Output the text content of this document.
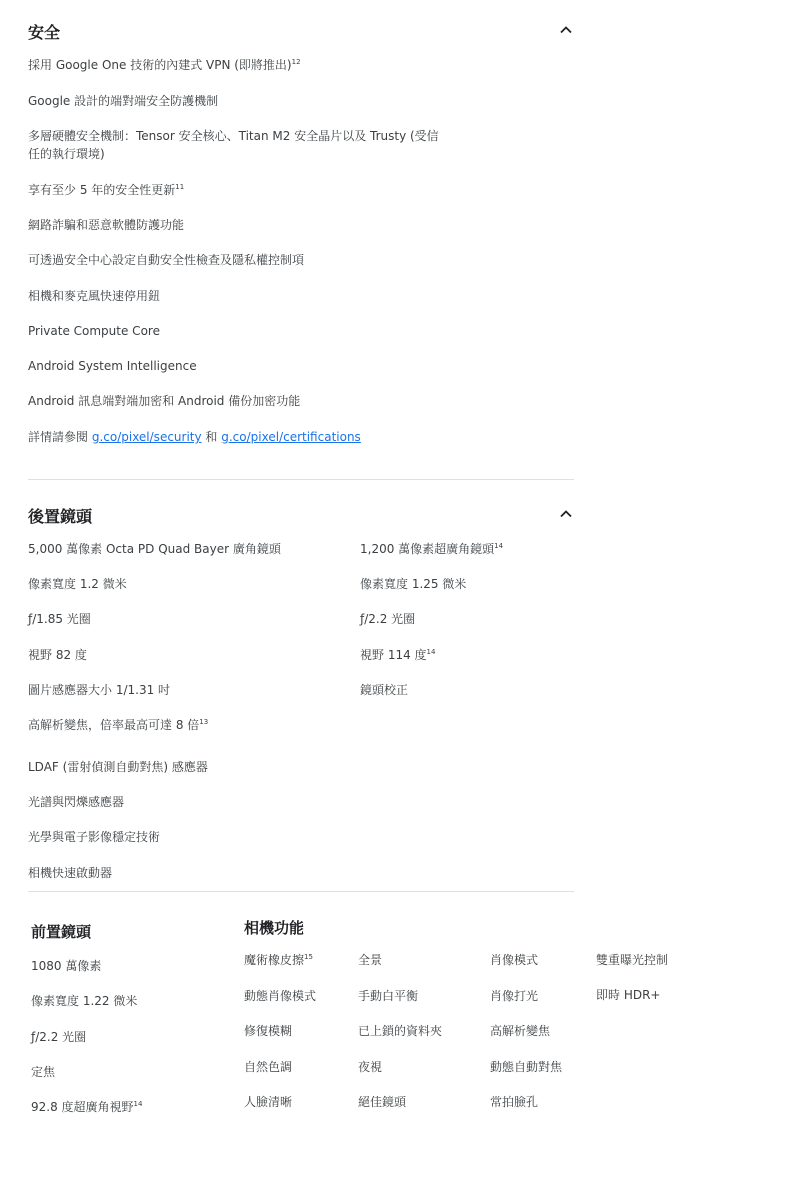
安全
採用 Google One 技術的內建式 VPN (即將推出)$^{12}$
Google 設計的端對端安全防護機制
多層硬體安全機制：Tensor 安全核心、Titan M2 安全晶片以及 Trusty (受信任的執行環境)
享有至少 5 年的安全性更新$^{11}$
網路詐騙和惡意軟體防護功能
可透過安全中心設定自動安全性檢查及隱私權控制項
相機和麥克風快速停用鈕
Private Compute Core
Android System Intelligence
Android 訊息端對端加密和 Android 備份加密功能
詳情請參閱 g.co/pixel/security 和 g.co/pixel/certifications
後置鏡頭
5,000 萬像素 Octa PD Quad Bayer 廣角鏡頭
像素寬度 1.2 微米
ƒ/1.85 光圈
視野 82 度
圖片感應器大小 1/1.31 吋
高解析變焦，倍率最高可達 8 倍$^{13}$
LDAF (雷射偵測自動對焦) 感應器
光譜與閃爍感應器
光學與電子影像穩定技術
相機快速啟動器
1,200 萬像素超廣角鏡頭$^{14}$
像素寬度 1.25 微米
ƒ/2.2 光圈
視野 114 度$^{14}$
鏡頭校正
前置鏡頭
1080 萬像素
像素寬度 1.22 微米
ƒ/2.2 光圈
定焦
92.8 度超廣角視野$^{14}$
相機功能
魔術橡皮擦$^{15}$
動態肖像模式
修復模糊
自然色調
人臉清晰
全景
手動白平衡
已上鎖的資料夾
夜視
絕佳鏡頭
肖像模式
肖像打光
高解析變焦
動態自動對焦
常拍臉孔
雙重曝光控制
即時 HDR+
